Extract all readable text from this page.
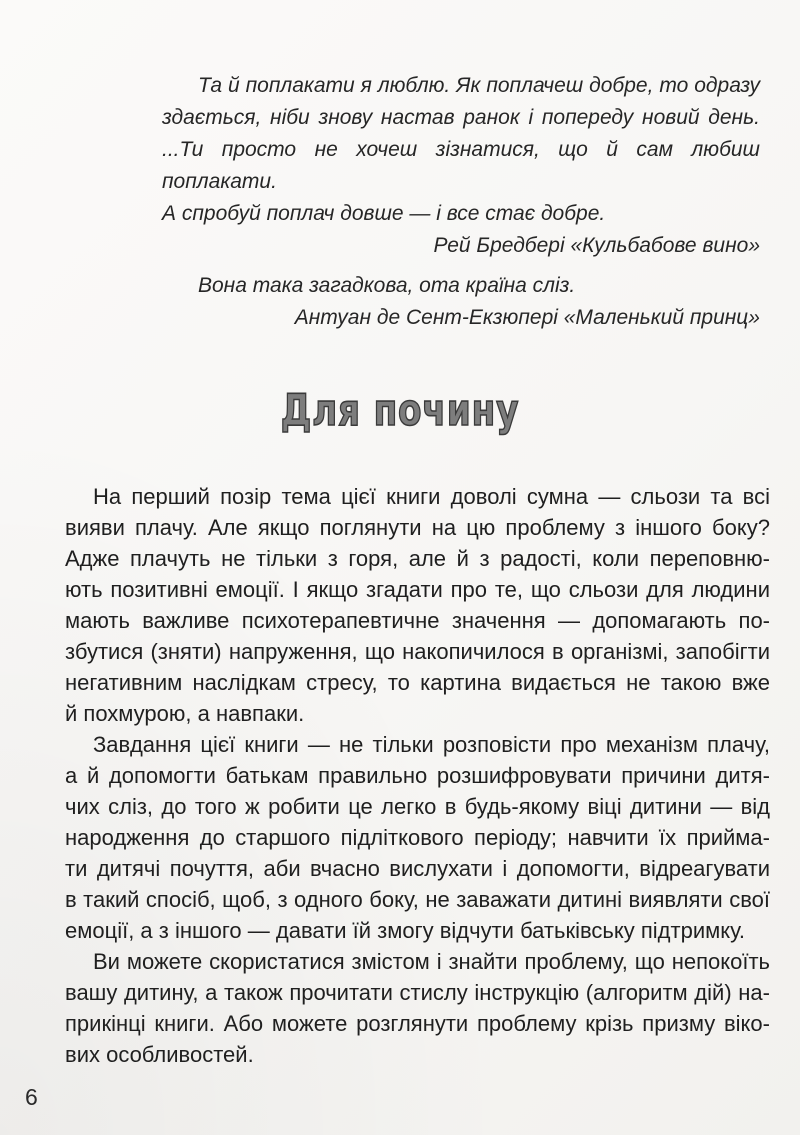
Та й поплакати я люблю. Як поплачеш добре, то одразу
здається, ніби знову настав ранок і попереду новий день.
...Ти просто не хочеш зізнатися, що й сам любиш поплакати.
А спробуй поплач довше — і все стає добре.
Рей Бредбері «Кульбабове вино»
Вона така загадкова, ота країна сліз.
Антуан де Сент-Екзюпері «Маленький принц»
Для почину
На перший позір тема цієї книги доволі сумна — сльози та всі
вияви плачу. Але якщо поглянути на цю проблему з іншого боку?
Адже плачуть не тільки з горя, але й з радості, коли переповню-
ють позитивні емоції. І якщо згадати про те, що сльози для людини
мають важливе психотерапевтичне значення — допомагають по-
збутися (зняти) напруження, що накопичилося в організмі, запобігти
негативним наслідкам стресу, то картина видається не такою вже
й похмурою, а навпаки.
Завдання цієї книги — не тільки розповісти про механізм плачу,
а й допомогти батькам правильно розшифровувати причини дитя-
чих сліз, до того ж робити це легко в будь-якому віці дитини — від
народження до старшого підліткового періоду; навчити їх прийма-
ти дитячі почуття, аби вчасно вислухати і допомогти, відреагувати
в такий спосіб, щоб, з одного боку, не заважати дитині виявляти свої
емоції, а з іншого — давати їй змогу відчути батьківську підтримку.
Ви можете скористатися змістом і знайти проблему, що непокоїть
вашу дитину, а також прочитати стислу інструкцію (алгоритм дій) на-
прикінці книги. Або можете розглянути проблему крізь призму віко-
вих особливостей.
6
